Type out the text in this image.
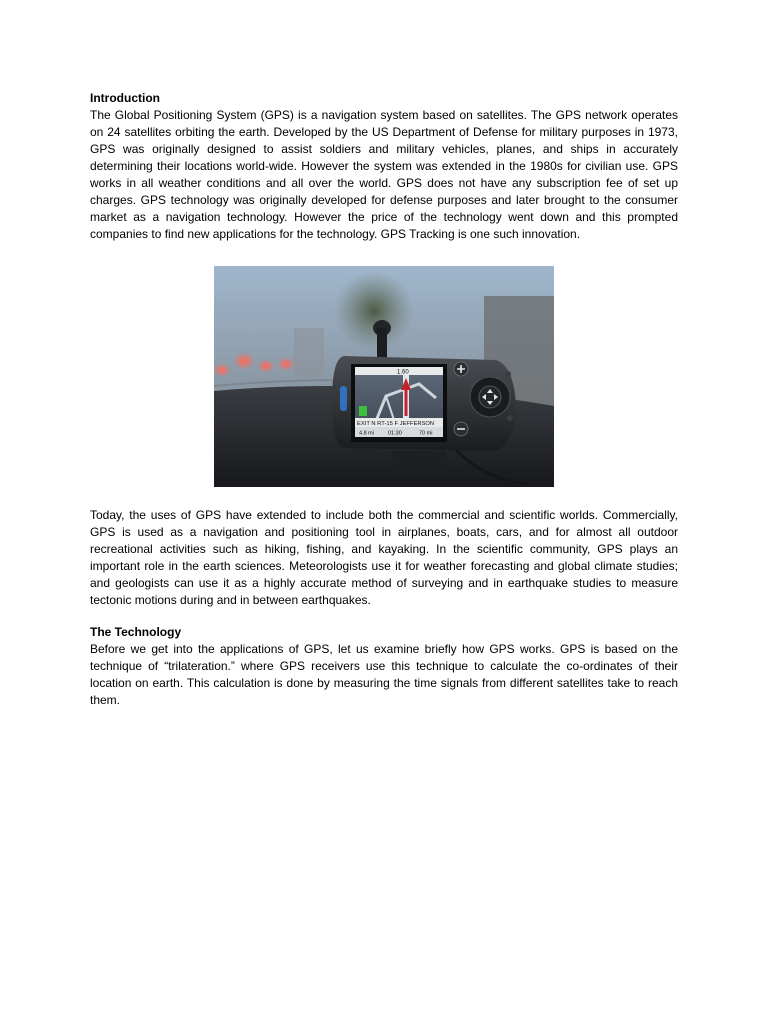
Introduction

The Global Positioning System (GPS) is a navigation system based on satellites. The GPS network operates on 24 satellites orbiting the earth. Developed by the US Department of Defense for military purposes in 1973, GPS was originally designed to assist soldiers and military vehicles, planes, and ships in accurately determining their locations world-wide. However the system was extended in the 1980s for civilian use. GPS works in all weather conditions and all over the world. GPS does not have any subscription fee of set up charges. GPS technology was originally developed for defense purposes and later brought to the consumer market as a navigation technology. However the price of the technology went down and this prompted companies to find new applications for the technology. GPS Tracking is one such innovation.

1.60
EXIT N RT-15 F JEFFERSON
4.8 mi	01:30	70 mi

Today, the uses of GPS have extended to include both the commercial and scientific worlds. Commercially, GPS is used as a navigation and positioning tool in airplanes, boats, cars, and for almost all outdoor recreational activities such as hiking, fishing, and kayaking. In the scientific community, GPS plays an important role in the earth sciences. Meteorologists use it for weather forecasting and global climate studies; and geologists can use it as a highly accurate method of surveying and in earthquake studies to measure tectonic motions during and in between earthquakes.

The Technology

Before we get into the applications of GPS, let us examine briefly how GPS works. GPS is based on the technique of “trilateration.” where GPS receivers use this technique to calculate the co-ordinates of their location on earth. This calculation is done by measuring the time signals from different satellites take to reach them.
